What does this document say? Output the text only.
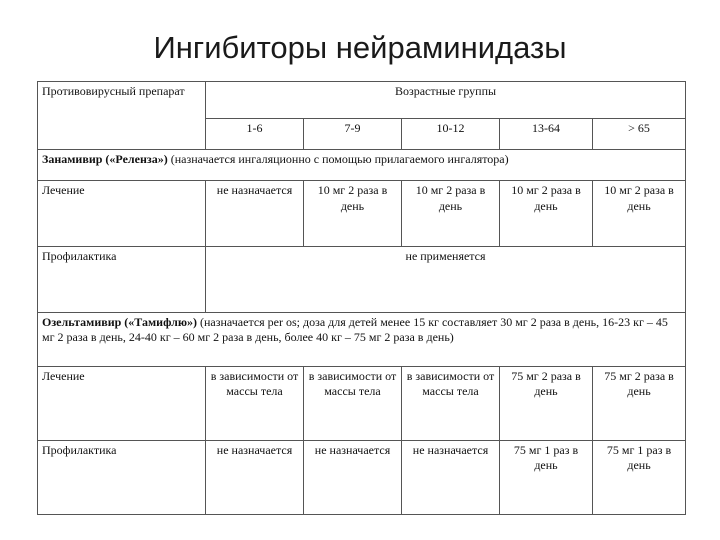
Ингибиторы нейраминидазы
Противовирусный препарат	Возрастные группы				
	1-6	7-9	10-12	13-64	> 65
Занамивир («Реленза») (назначается ингаляционно с помощью прилагаемого ингалятора)					
Лечение	не назначается	10 мг 2 раза в день	10 мг 2 раза в день	10 мг 2 раза в день	10 мг 2 раза в день
Профилактика	не применяется				
Озельтамивир («Тамифлю») (назначается per os; доза для детей менее 15 кг составляет 30 мг 2 раза в день, 16-23 кг – 45 мг 2 раза в день, 24-40 кг – 60 мг 2 раза в день, более 40 кг – 75 мг 2 раза в день)					
Лечение	в зависимости от массы тела	в зависимости от массы тела	в зависимости от массы тела	75 мг 2 раза в день	75 мг 2 раза в день
Профилактика	не назначается	не назначается	не назначается	75 мг 1 раз в день	75 мг 1 раз в день
